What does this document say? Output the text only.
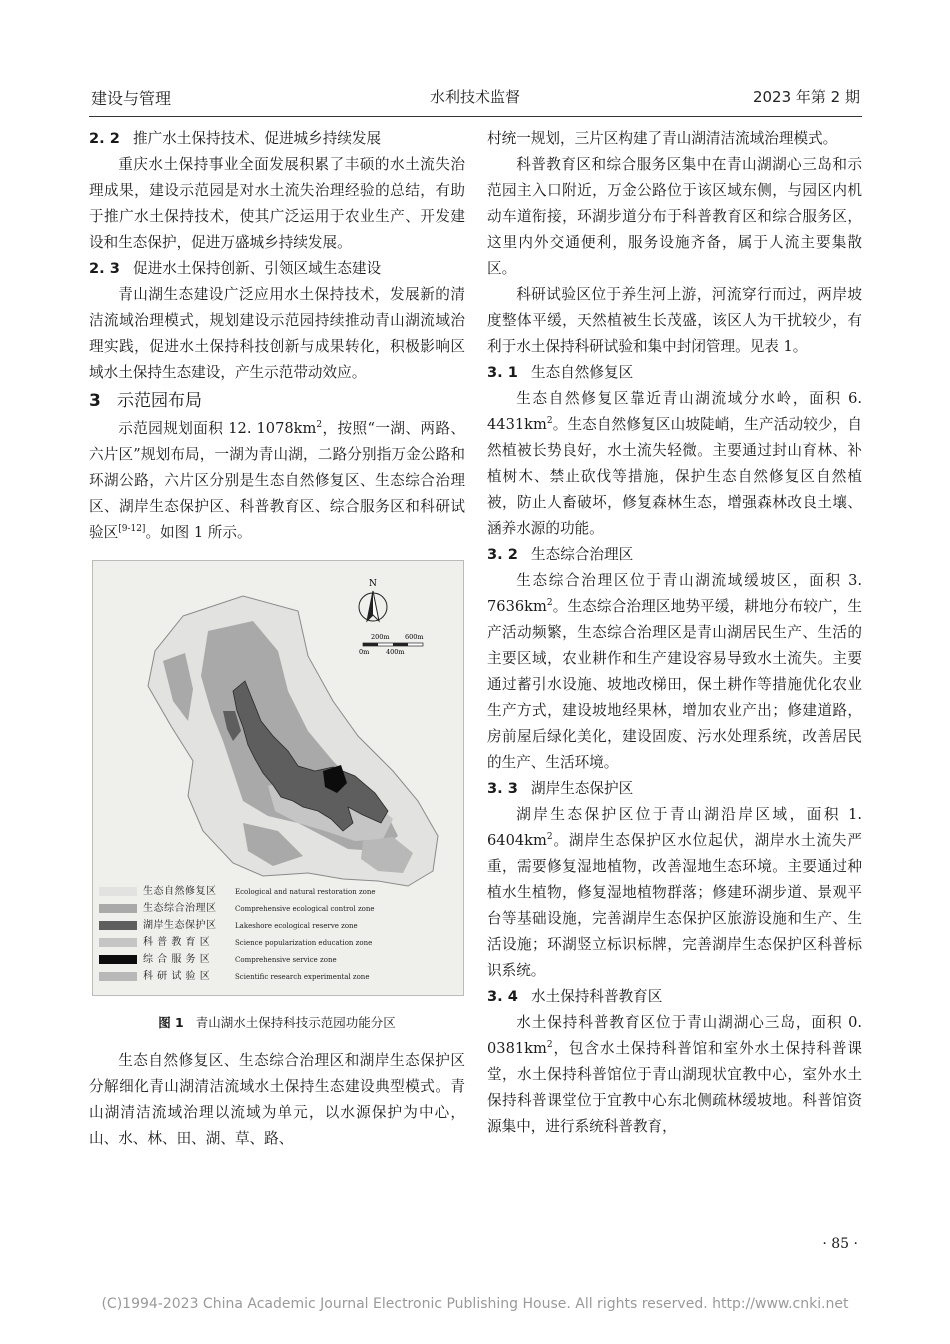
建设与管理	水利技术监督	2023 年第 2 期

2. 2 推广水土保持技术、促进城乡持续发展

重庆水土保持事业全面发展积累了丰硕的水土流失治理成果，建设示范园是对水土流失治理经验的总结，有助于推广水土保持技术，使其广泛运用于农业生产、开发建设和生态保护，促进万盛城乡持续发展。

2. 3 促进水土保持创新、引领区域生态建设

青山湖生态建设广泛应用水土保持技术，发展新的清洁流域治理模式，规划建设示范园持续推动青山湖流域治理实践，促进水土保持科技创新与成果转化，积极影响区域水土保持生态建设，产生示范带动效应。

3 示范园布局

示范园规划面积 12. $1078km^2$，按照“一湖、两路、六片区”规划布局，一湖为青山湖，二路分别指万金公路和环湖公路，六片区分别是生态自然修复区、生态综合治理区、湖岸生态保护区、科普教育区、综合服务区和科研试验区[9-12]。如图 1 所示。

N
200m 600m
0m	400m
生态自然修复区	Ecological and natural restoration zone
生态综合治理区	Comprehensive ecological control zone
湖岸生态保护区	Lakeshore ecological reserve zone
科 普 教 育 区	Science popularization education zone
综 合 服 务 区	Comprehensive service zone
科 研 试 验 区	Scientific research experimental zone
图 1 青山湖水土保持科技示范园功能分区

生态自然修复区、生态综合治理区和湖岸生态保护区分解细化青山湖清洁流域水土保持生态建设典型模式。青山湖清洁流域治理以流域为单元，以水源保护为中心，山、水、林、田、湖、草、路、

村统一规划，三片区构建了青山湖清洁流域治理模式。

科普教育区和综合服务区集中在青山湖湖心三岛和示范园主入口附近，万金公路位于该区域东侧，与园区内机动车道衔接，环湖步道分布于科普教育区和综合服务区，这里内外交通便利，服务设施齐备，属于人流主要集散区。

科研试验区位于养生河上游，河流穿行而过，两岸坡度整体平缓，天然植被生长茂盛，该区人为干扰较少，有利于水土保持科研试验和集中封闭管理。见表 1。

3. 1 生态自然修复区

生态自然修复区靠近青山湖流域分水岭，面积 6. $4431km^2$。生态自然修复区山坡陡峭，生产活动较少，自然植被长势良好，水土流失轻微。主要通过封山育林、补植树木、禁止砍伐等措施，保护生态自然修复区自然植被，防止人畜破坏，修复森林生态，增强森林改良土壤、涵养水源的功能。

3. 2 生态综合治理区

生态综合治理区位于青山湖流域缓坡区，面积 3. $7636km^2$。生态综合治理区地势平缓，耕地分布较广，生产活动频繁，生态综合治理区是青山湖居民生产、生活的主要区域，农业耕作和生产建设容易导致水土流失。主要通过蓄引水设施、坡地改梯田，保土耕作等措施优化农业生产方式，建设坡地经果林，增加农业产出；修建道路，房前屋后绿化美化，建设固废、污水处理系统，改善居民的生产、生活环境。

3. 3 湖岸生态保护区

湖岸生态保护区位于青山湖沿岸区域，面积 1. $6404km^2$。湖岸生态保护区水位起伏，湖岸水土流失严重，需要修复湿地植物，改善湿地生态环境。主要通过种植水生植物，修复湿地植物群落；修建环湖步道、景观平台等基础设施，完善湖岸生态保护区旅游设施和生产、生活设施；环湖竖立标识标牌，完善湖岸生态保护区科普标识系统。

3. 4 水土保持科普教育区

水土保持科普教育区位于青山湖湖心三岛，面积 0. $0381km^2$，包含水土保持科普馆和室外水土保持科普课堂，水土保持科普馆位于青山湖现状宜教中心，室外水土保持科普课堂位于宜教中心东北侧疏林缓坡地。科普馆资源集中，进行系统科普教育，

· 85 ·
(C)1994-2023 China Academic Journal Electronic Publishing House. All rights reserved. http://www.cnki.net
